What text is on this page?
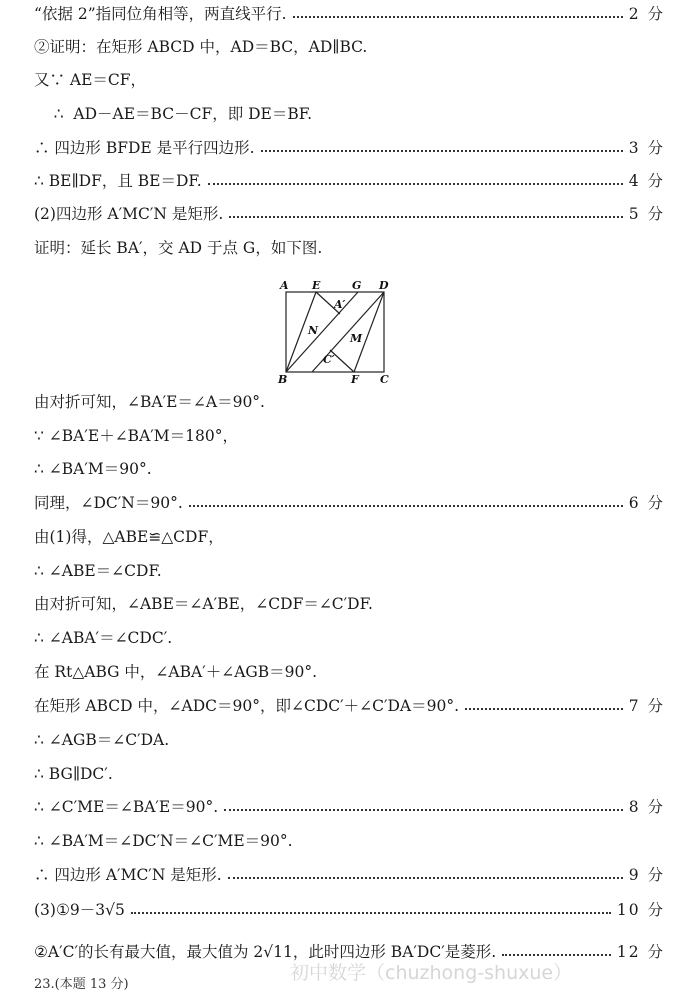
“依据 2”指同位角相等，两直线平行.	2 分
②证明：在矩形 ABCD 中，AD＝BC，AD∥BC.
又∵ AE＝CF，
∴  AD－AE＝BC－CF，即 DE＝BF.
∴ 四边形 BFDE 是平行四边形.	3 分
∴ BE∥DF，且 BE＝DF.	4 分
(2)四边形 A′MC′N 是矩形.	5 分
证明：延长 BA′，交 AD 于点 G，如下图.
由对折可知，∠BA′E＝∠A＝90°.
∵ ∠BA′E＋∠BA′M＝180°，
∴ ∠BA′M＝90°.
同理，∠DC′N＝90°.	6 分
由(1)得，△ABE≌△CDF，
∴ ∠ABE＝∠CDF.
由对折可知，∠ABE＝∠A′BE，∠CDF＝∠C′DF.
∴ ∠ABA′＝∠CDC′.
在 Rt△ABG 中，∠ABA′＋∠AGB＝90°.
在矩形 ABCD 中，∠ADC＝90°，即∠CDC′＋∠C′DA＝90°.	7 分
∴ ∠AGB＝∠C′DA.
∴ BG∥DC′.
∴ ∠C′ME＝∠BA′E＝90°.	8 分
∴ ∠BA′M＝∠DC′N＝∠C′ME＝90°.
∴ 四边形 A′MC′N 是矩形.	9 分
(3)①9－3√5	10 分
②A′C′的长有最大值，最大值为 2√11，此时四边形 BA′DC′是菱形.	12 分
A E	G D
A′
N
M
C′
B	F C
初中数学（chuzhong-shuxue）
23.(本题 13 分)
